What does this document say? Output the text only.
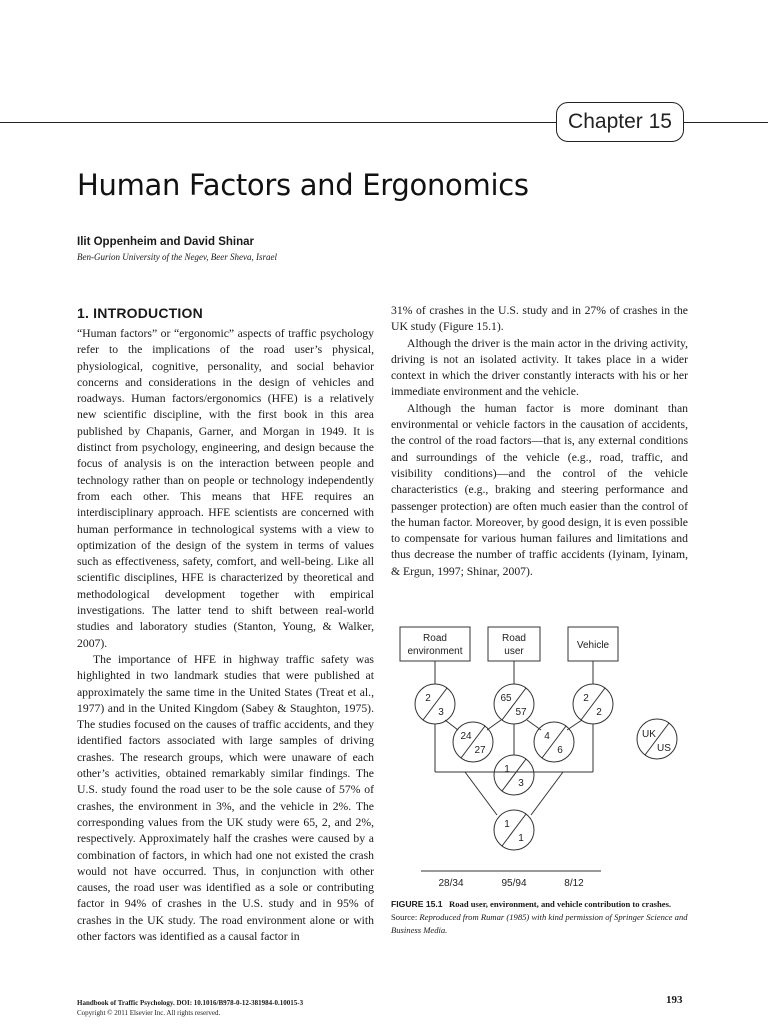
Chapter 15
Human Factors and Ergonomics
Ilit Oppenheim and David Shinar
Ben-Gurion University of the Negev, Beer Sheva, Israel
1. INTRODUCTION

“Human factors” or “ergonomic” aspects of traffic psychology refer to the implications of the road user’s physical, physiological, cognitive, personality, and social behavior concerns and considerations in the design of vehicles and roadways. Human factors/ergonomics (HFE) is a relatively new scientific discipline, with the first book in this area published by Chapanis, Garner, and Morgan in 1949. It is distinct from psychology, engineering, and design because the focus of analysis is on the interaction between people and technology rather than on people or technology independently from each other. This means that HFE requires an interdisciplinary approach. HFE scientists are concerned with human performance in technological systems with a view to optimization of the design of the system in terms of values such as effectiveness, safety, comfort, and well-being. Like all scientific disciplines, HFE is characterized by theoretical and methodological development together with empirical investigations. The latter tend to shift between real-world studies and laboratory studies (Stanton, Young, & Walker, 2007).

The importance of HFE in highway traffic safety was highlighted in two landmark studies that were published at approximately the same time in the United States (Treat et al., 1977) and in the United Kingdom (Sabey & Staughton, 1975). The studies focused on the causes of traffic accidents, and they identified factors associated with large samples of driving crashes. The research groups, which were unaware of each other’s activities, obtained remarkably similar findings. The U.S. study found the road user to be the sole cause of 57% of crashes, the environment in 3%, and the vehicle in 2%. The corresponding values from the UK study were 65, 2, and 2%, respectively. Approximately half the crashes were caused by a combination of factors, in which had one not existed the crash would not have occurred. Thus, in conjunction with other causes, the road user was identified as a sole or contributing factor in 94% of crashes in the U.S. study and in 95% of crashes in the UK study. The road environment alone or with other factors was identified as a causal factor in

31% of crashes in the U.S. study and in 27% of crashes in the UK study (Figure 15.1).

Although the driver is the main actor in the driving activity, driving is not an isolated activity. It takes place in a wider context in which the driver constantly interacts with his or her immediate environment and the vehicle.

Although the human factor is more dominant than environmental or vehicle factors in the causation of accidents, the control of the road factors—that is, any external conditions and surroundings of the vehicle (e.g., road, traffic, and visibility conditions)—and the control of the vehicle characteristics (e.g., braking and steering performance and passenger protection) are often much easier than the control of the human factor. Moreover, by good design, it is even possible to compensate for various human failures and limitations and thus decrease the number of traffic accidents (Iyinam, Iyinam, & Ergun, 1997; Shinar, 2007).

Road
environment
Road
user
Vehicle
2
3
65
57
2
2
24
27
4
6
1
3
1
1
UK
US
28/34	95/94	8/12
FIGURE 15.1 Road user, environment, and vehicle contribution to crashes. Source: Reproduced from Rumar (1985) with kind permission of Springer Science and Business Media.
Handbook of Traffic Psychology. DOI: 10.1016/B978-0-12-381984-0.10015-3
Copyright © 2011 Elsevier Inc. All rights reserved.
193
